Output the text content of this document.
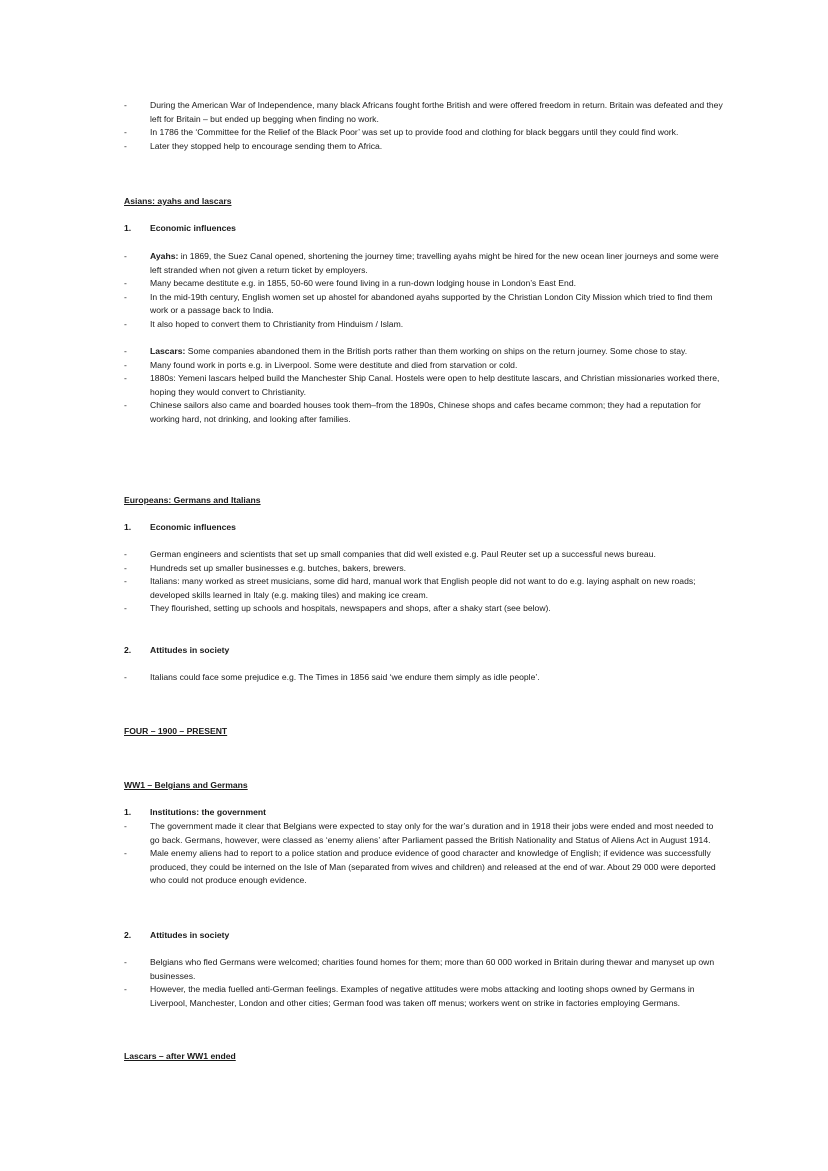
- During the American War of Independence, many black Africans fought forthe British and were offered freedom in return. Britain was defeated and they left for Britain – but ended up begging when finding no work.
- In 1786 the ‘Committee for the Relief of the Black Poor’ was set up to provide food and clothing for black beggars until they could find work.
- Later they stopped help to encourage sending them to Africa.
Asians: ayahs and lascars
1.	Economic influences
- Ayahs: in 1869, the Suez Canal opened, shortening the journey time; travelling ayahs might be hired for the new ocean liner journeys and some were left stranded when not given a return ticket by employers.
- Many became destitute e.g. in 1855, 50-60 were found living in a run-down lodging house in London’s East End.
- In the mid-19th century, English women set up ahostel for abandoned ayahs supported by the Christian London City Mission which tried to find them work or a passage back to India.
- It also hoped to convert them to Christianity from Hinduism / Islam.
- Lascars: Some companies abandoned them in the British ports rather than them working on ships on the return journey. Some chose to stay.
- Many found work in ports e.g. in Liverpool. Some were destitute and died from starvation or cold.
- 1880s: Yemeni lascars helped build the Manchester Ship Canal. Hostels were open to help destitute lascars, and Christian missionaries worked there, hoping they would convert to Christianity.
- Chinese sailors also came and boarded houses took them–from the 1890s, Chinese shops and cafes became common; they had a reputation for working hard, not drinking, and looking after families.
Europeans: Germans and Italians
1.	Economic influences
- German engineers and scientists that set up small companies that did well existed e.g. Paul Reuter set up a successful news bureau.
- Hundreds set up smaller businesses e.g. butches, bakers, brewers.
- Italians: many worked as street musicians, some did hard, manual work that English people did not want to do e.g. laying asphalt on new roads; developed skills learned in Italy (e.g. making tiles) and making ice cream.
- They flourished, setting up schools and hospitals, newspapers and shops, after a shaky start (see below).
2.	Attitudes in society
- Italians could face some prejudice e.g. The Times in 1856 said ‘we endure them simply as idle people’.
FOUR – 1900 – PRESENT
WW1 – Belgians and Germans
1.	Institutions: the government
- The government made it clear that Belgians were expected to stay only for the war’s duration and in 1918 their jobs were ended and most needed to go back. Germans, however, were classed as ‘enemy aliens’ after Parliament passed the British Nationality and Status of Aliens Act in August 1914.
- Male enemy aliens had to report to a police station and produce evidence of good character and knowledge of English; if evidence was successfully produced, they could be interned on the Isle of Man (separated from wives and children) and released at the end of war. About 29 000 were deported who could not produce enough evidence.
2.	Attitudes in society
- Belgians who fled Germans were welcomed; charities found homes for them; more than 60 000 worked in Britain during thewar and manyset up own businesses.
- However, the media fuelled anti-German feelings. Examples of negative attitudes were mobs attacking and looting shops owned by Germans in Liverpool, Manchester, London and other cities; German food was taken off menus; workers went on strike in factories employing Germans.
Lascars – after WW1 ended
